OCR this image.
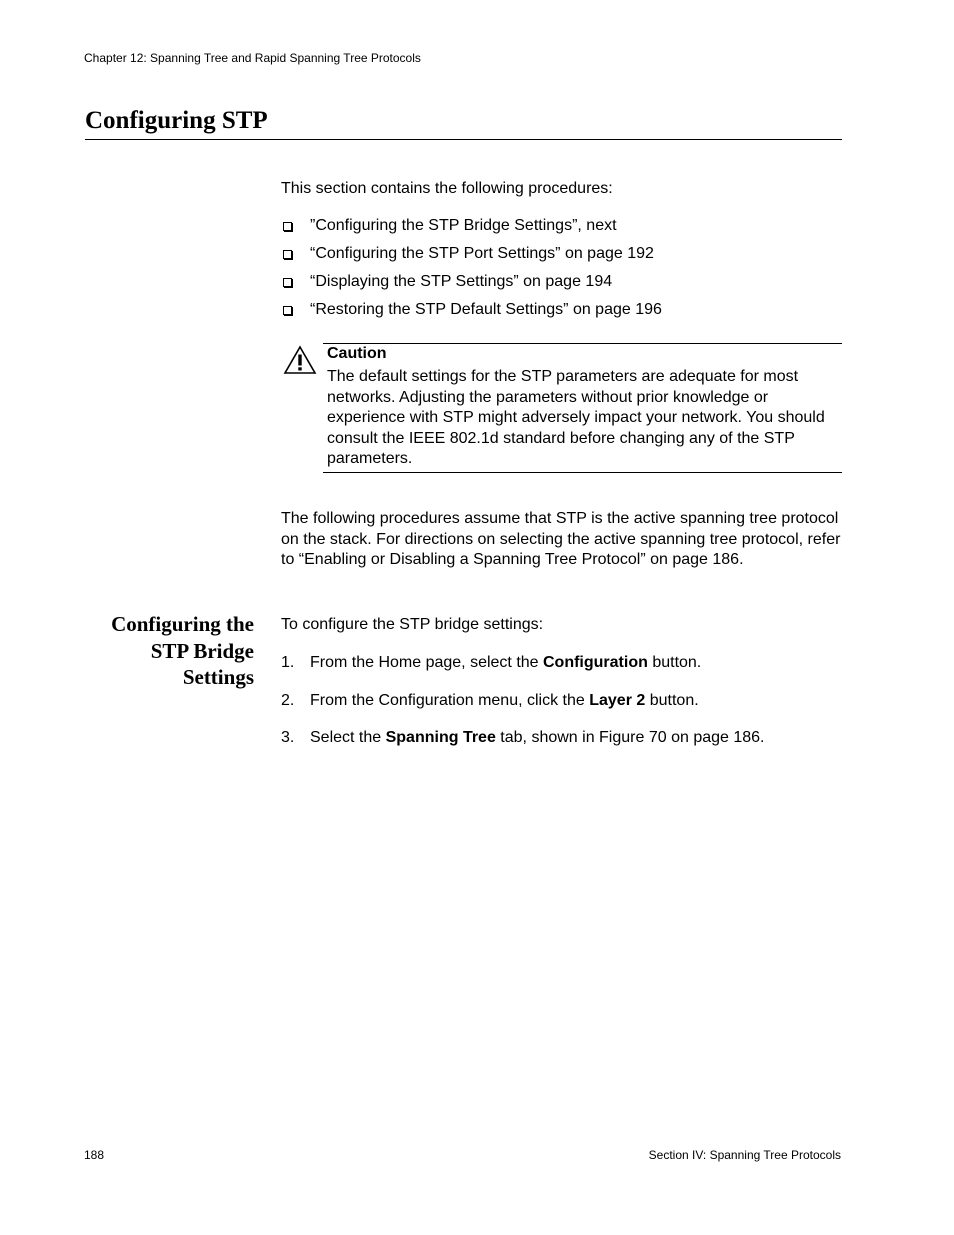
Chapter 12: Spanning Tree and Rapid Spanning Tree Protocols
Configuring STP
This section contains the following procedures:
”Configuring the STP Bridge Settings”, next
“Configuring the STP Port Settings” on page 192
“Displaying the STP Settings” on page 194
“Restoring the STP Default Settings” on page 196
Caution
The default settings for the STP parameters are adequate for most networks. Adjusting the parameters without prior knowledge or experience with STP might adversely impact your network. You should consult the IEEE 802.1d standard before changing any of the STP parameters.
The following procedures assume that STP is the active spanning tree protocol on the stack. For directions on selecting the active spanning tree protocol, refer to “Enabling or Disabling a Spanning Tree Protocol” on page 186.
Configuring the
STP Bridge
Settings
To configure the STP bridge settings:
1. From the Home page, select the Configuration button.
2. From the Configuration menu, click the Layer 2 button.
3. Select the Spanning Tree tab, shown in Figure 70 on page 186.
188	Section IV: Spanning Tree Protocols
